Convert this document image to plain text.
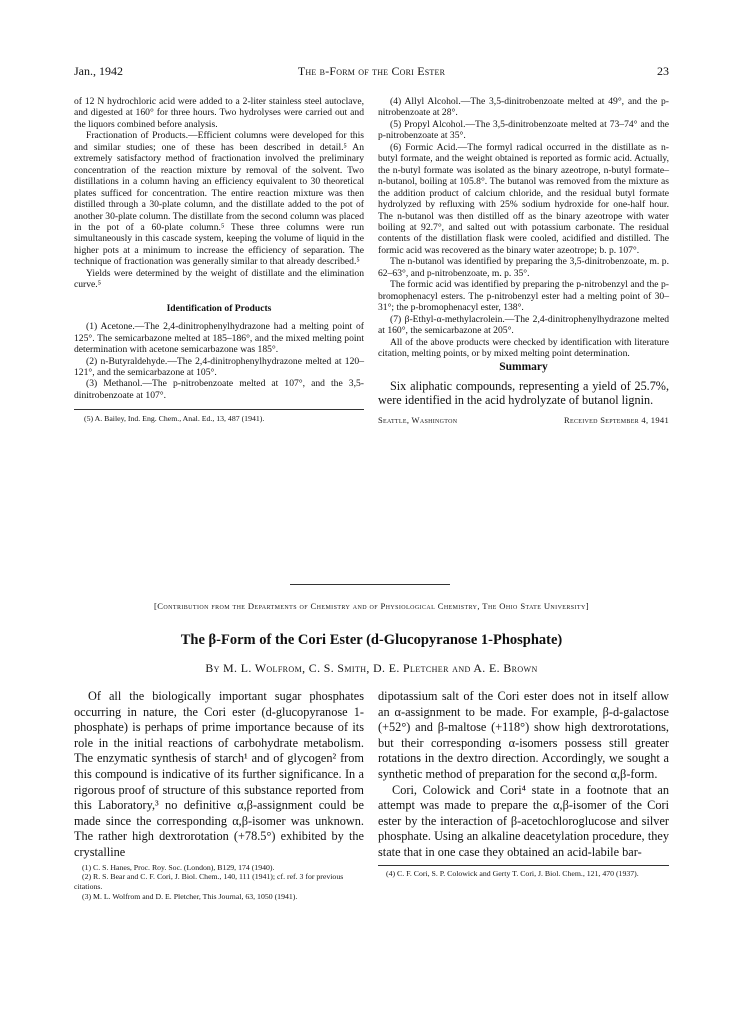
Jan., 1942	The β-Form of the Cori Ester	23

of 12 N hydrochloric acid were added to a 2-liter stainless steel autoclave, and digested at 160° for three hours. Two hydrolyses were carried out and the liquors combined before analysis.

Fractionation of Products.—Efficient columns were developed for this and similar studies; one of these has been described in detail.⁵ An extremely satisfactory method of fractionation involved the preliminary concentration of the reaction mixture by removal of the solvent. Two distillations in a column having an efficiency equivalent to 30 theoretical plates sufficed for concentration. The entire reaction mixture was then distilled through a 30-plate column, and the distillate added to the pot of another 30-plate column. The distillate from the second column was placed in the pot of a 60-plate column.⁵ These three columns were run simultaneously in this cascade system, keeping the volume of liquid in the higher pots at a minimum to increase the efficiency of separation. The technique of fractionation was generally similar to that already described.⁵

Yields were determined by the weight of distillate and the elimination curve.⁵

Identification of Products

(1) Acetone.—The 2,4-dinitrophenylhydrazone had a melting point of 125°. The semicarbazone melted at 185–186°, and the mixed melting point determination with acetone semicarbazone was 185°.

(2) n-Butyraldehyde.—The 2,4-dinitrophenylhydrazone melted at 120–121°, and the semicarbazone at 105°.

(3) Methanol.—The p-nitrobenzoate melted at 107°, and the 3,5-dinitrobenzoate at 107°.

(5) A. Bailey, Ind. Eng. Chem., Anal. Ed., 13, 487 (1941).

(4) Allyl Alcohol.—The 3,5-dinitrobenzoate melted at 49°, and the p-nitrobenzoate at 28°.

(5) Propyl Alcohol.—The 3,5-dinitrobenzoate melted at 73–74° and the p-nitrobenzoate at 35°.

(6) Formic Acid.—The formyl radical occurred in the distillate as n-butyl formate, and the weight obtained is reported as formic acid. Actually, the n-butyl formate was isolated as the binary azeotrope, n-butyl formate–n-butanol, boiling at 105.8°. The butanol was removed from the mixture as the addition product of calcium chloride, and the residual butyl formate hydrolyzed by refluxing with 25% sodium hydroxide for one-half hour. The n-butanol was then distilled off as the binary azeotrope with water boiling at 92.7°, and salted out with potassium carbonate. The residual contents of the distillation flask were cooled, acidified and distilled. The formic acid was recovered as the binary water azeotrope; b. p. 107°.

The n-butanol was identified by preparing the 3,5-dinitrobenzoate, m. p. 62–63°, and p-nitrobenzoate, m. p. 35°.

The formic acid was identified by preparing the p-nitrobenzyl and the p-bromophenacyl esters. The p-nitrobenzyl ester had a melting point of 30–31°; the p-bromophenacyl ester, 138°.

(7) β-Ethyl-α-methylacrolein.—The 2,4-dinitrophenylhydrazone melted at 160°, the semicarbazone at 205°.

All of the above products were checked by identification with literature citation, melting points, or by mixed melting point determination.

Summary

Six aliphatic compounds, representing a yield of 25.7%, were identified in the acid hydrolyzate of butanol lignin.

Seattle, Washington	Received September 4, 1941
[Contribution from the Departments of Chemistry and of Physiological Chemistry, The Ohio State University]
The β-Form of the Cori Ester (d-Glucopyranose 1-Phosphate)
By M. L. Wolfrom, C. S. Smith, D. E. Pletcher and A. E. Brown

Of all the biologically important sugar phosphates occurring in nature, the Cori ester (d-glucopyranose 1-phosphate) is perhaps of prime importance because of its role in the initial reactions of carbohydrate metabolism. The enzymatic synthesis of starch¹ and of glycogen² from this compound is indicative of its further significance. In a rigorous proof of structure of this substance reported from this Laboratory,³ no definitive α,β-assignment could be made since the corresponding α,β-isomer was unknown. The rather high dextrorotation (+78.5°) exhibited by the crystalline

(1) C. S. Hanes, Proc. Roy. Soc. (London), B129, 174 (1940).
(2) R. S. Bear and C. F. Cori, J. Biol. Chem., 140, 111 (1941); cf. ref. 3 for previous citations.
(3) M. L. Wolfrom and D. E. Pletcher, This Journal, 63, 1050 (1941).

dipotassium salt of the Cori ester does not in itself allow an α-assignment to be made. For example, β-d-galactose (+52°) and β-maltose (+118°) show high dextrorotations, but their corresponding α-isomers possess still greater rotations in the dextro direction. Accordingly, we sought a synthetic method of preparation for the second α,β-form.

Cori, Colowick and Cori⁴ state in a footnote that an attempt was made to prepare the α,β-isomer of the Cori ester by the interaction of β-acetochloroglucose and silver phosphate. Using an alkaline deacetylation procedure, they state that in one case they obtained an acid-labile bar-

(4) C. F. Cori, S. P. Colowick and Gerty T. Cori, J. Biol. Chem., 121, 470 (1937).
